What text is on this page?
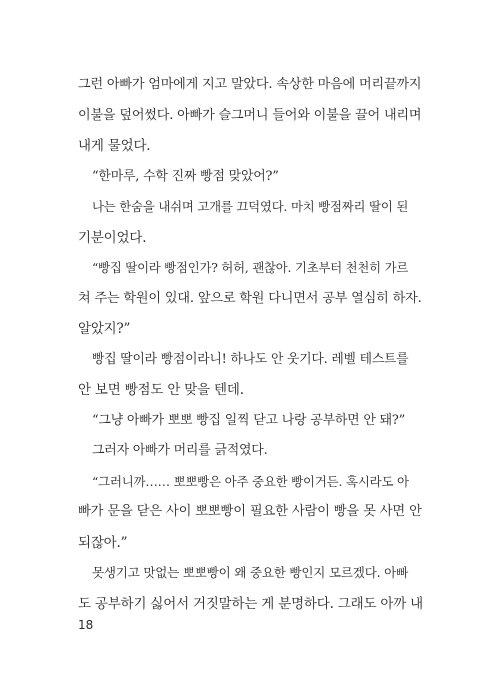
그런 아빠가 엄마에게 지고 말았다. 속상한 마음에 머리끝까지
이불을 덮어썼다. 아빠가 슬그머니 들어와 이불을 끌어 내리며
내게 물었다.
“한마루, 수학 진짜 빵점 맞았어?”
나는 한숨을 내쉬며 고개를 끄덕였다. 마치 빵점짜리 딸이 된
기분이었다.
“빵집 딸이라 빵점인가? 허허, 괜찮아. 기초부터 천천히 가르
쳐 주는 학원이 있대. 앞으로 학원 다니면서 공부 열심히 하자.
알았지?”
빵집 딸이라 빵점이라니! 하나도 안 웃기다. 레벨 테스트를
안 보면 빵점도 안 맞을 텐데.
“그냥 아빠가 뽀뽀 빵집 일찍 닫고 나랑 공부하면 안 돼?”
그러자 아빠가 머리를 긁적였다.
“그러니까…… 뽀뽀빵은 아주 중요한 빵이거든. 혹시라도 아
빠가 문을 닫은 사이 뽀뽀빵이 필요한 사람이 빵을 못 사면 안
되잖아.”
못생기고 맛없는 뽀뽀빵이 왜 중요한 빵인지 모르겠다. 아빠
도 공부하기 싫어서 거짓말하는 게 분명하다. 그래도 아까 내
18
